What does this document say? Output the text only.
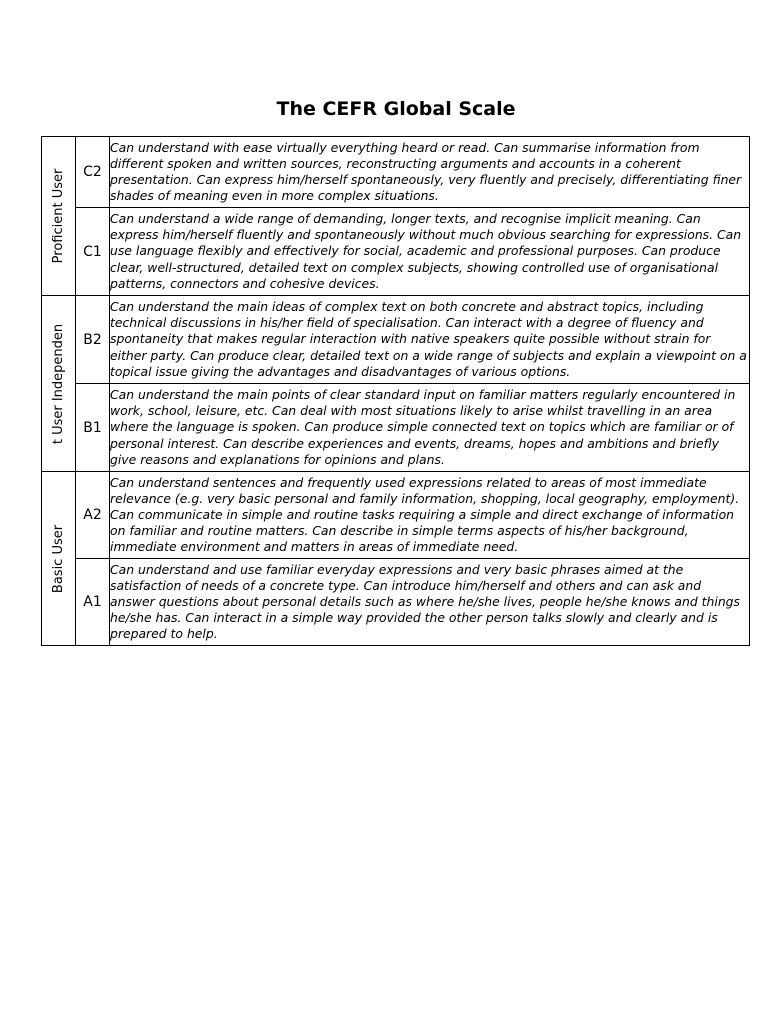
The CEFR Global Scale
Proficient User	C2	Can understand with ease virtually everything heard or read. Can summarise information from different spoken and written sources, reconstructing arguments and accounts in a coherent presentation. Can express him/herself spontaneously, very fluently and precisely, differentiating finer shades of meaning even in more complex situations.
	C1	Can understand a wide range of demanding, longer texts, and recognise implicit meaning. Can express him/herself fluently and spontaneously without much obvious searching for expressions. Can use language flexibly and effectively for social, academic and professional purposes. Can produce clear, well-structured, detailed text on complex subjects, showing controlled use of organisational patterns, connectors and cohesive devices.

t User Independen	B2	Can understand the main ideas of complex text on both concrete and abstract topics, including technical discussions in his/her field of specialisation. Can interact with a degree of fluency and spontaneity that makes regular interaction with native speakers quite possible without strain for either party. Can produce clear, detailed text on a wide range of subjects and explain a viewpoint on a topical issue giving the advantages and disadvantages of various options.
	B1	Can understand the main points of clear standard input on familiar matters regularly encountered in work, school, leisure, etc. Can deal with most situations likely to arise whilst travelling in an area where the language is spoken. Can produce simple connected text on topics which are familiar or of personal interest. Can describe experiences and events, dreams, hopes and ambitions and briefly give reasons and explanations for opinions and plans.

Basic User	A2	Can understand sentences and frequently used expressions related to areas of most immediate relevance (e.g. very basic personal and family information, shopping, local geography, employment). Can communicate in simple and routine tasks requiring a simple and direct exchange of information on familiar and routine matters. Can describe in simple terms aspects of his/her background, immediate environment and matters in areas of immediate need.
	A1	Can understand and use familiar everyday expressions and very basic phrases aimed at the satisfaction of needs of a concrete type. Can introduce him/herself and others and can ask and answer questions about personal details such as where he/she lives, people he/she knows and things he/she has. Can interact in a simple way provided the other person talks slowly and clearly and is prepared to help.
